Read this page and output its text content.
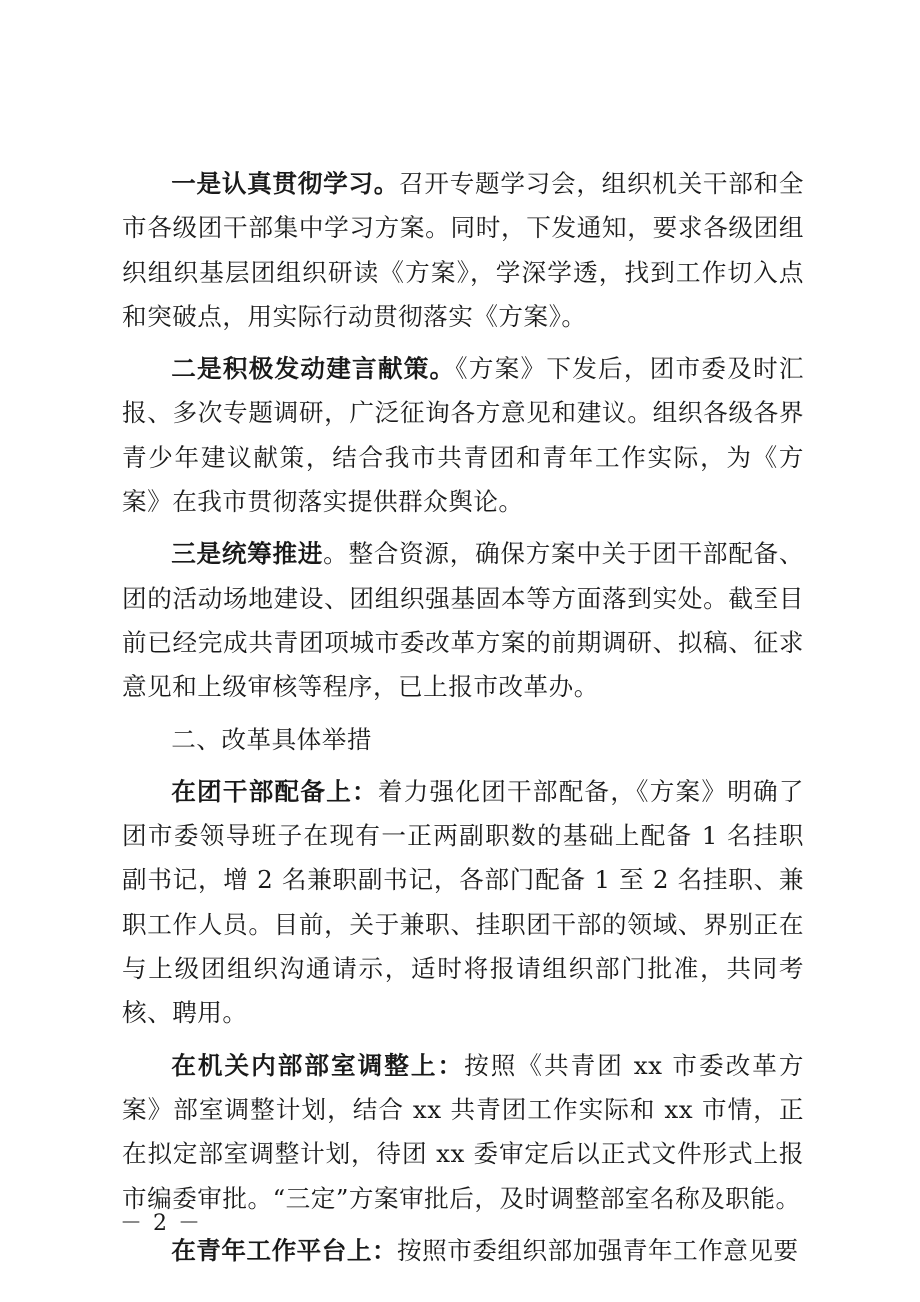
一是认真贯彻学习。召开专题学习会，组织机关干部和全市各级团干部集中学习方案。同时，下发通知，要求各级团组织组织基层团组织研读《方案》，学深学透，找到工作切入点和突破点，用实际行动贯彻落实《方案》。

二是积极发动建言献策。《方案》下发后，团市委及时汇报、多次专题调研，广泛征询各方意见和建议。组织各级各界青少年建议献策，结合我市共青团和青年工作实际，为《方案》在我市贯彻落实提供群众舆论。

三是统筹推进。整合资源，确保方案中关于团干部配备、团的活动场地建设、团组织强基固本等方面落到实处。截至目前已经完成共青团项城市委改革方案的前期调研、拟稿、征求意见和上级审核等程序，已上报市改革办。

二、改革具体举措

在团干部配备上：着力强化团干部配备，《方案》明确了团市委领导班子在现有一正两副职数的基础上配备 1 名挂职副书记，增 2 名兼职副书记，各部门配备 1 至 2 名挂职、兼职工作人员。目前，关于兼职、挂职团干部的领域、界别正在与上级团组织沟通请示，适时将报请组织部门批准，共同考核、聘用。

在机关内部部室调整上：按照《共青团 xx 市委改革方案》部室调整计划，结合 xx 共青团工作实际和 xx 市情，正在拟定部室调整计划，待团 xx 委审定后以正式文件形式上报市编委审批。“三定”方案审批后，及时调整部室名称及职能。

在青年工作平台上：按照市委组织部加强青年工作意见要

－ 2 －
